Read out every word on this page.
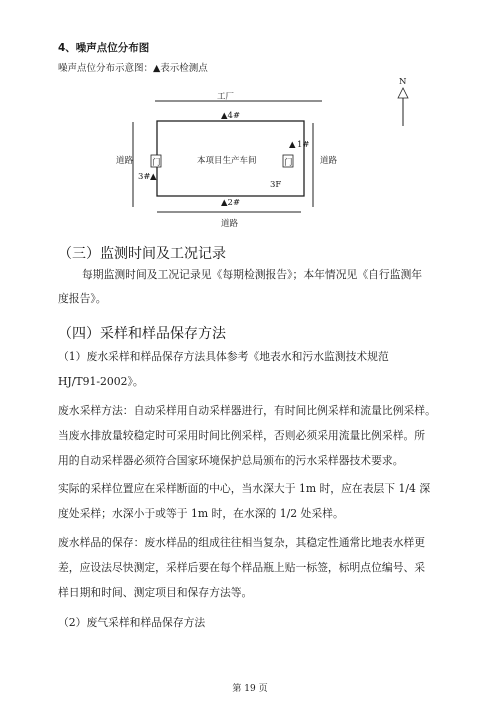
4、噪声点位分布图
噪声点位分布示意图：▲表示检测点
工厂
▲4#
本项目生产车间
道路	道路
门	门
▲ 1#
3# ▲
3F
▲2#
道路
N
（三）监测时间及工况记录
每期监测时间及工况记录见《每期检测报告》；本年情况见《自行监测年
度报告》。
（四）采样和样品保存方法
（1）废水采样和样品保存方法具体参考《地表水和污水监测技术规范
HJ/T91-2002》。
废水采样方法：自动采样用自动采样器进行，有时间比例采样和流量比例采样。
当废水排放量较稳定时可采用时间比例采样，否则必须采用流量比例采样。所
用的自动采样器必须符合国家环境保护总局颁布的污水采样器技术要求。
实际的采样位置应在采样断面的中心，当水深大于 1m 时，应在表层下 1/4 深
度处采样；水深小于或等于 1m 时，在水深的 1/2 处采样。
废水样品的保存：废水样品的组成往往相当复杂，其稳定性通常比地表水样更
差，应设法尽快测定，采样后要在每个样品瓶上贴一标签，标明点位编号、采
样日期和时间、测定项目和保存方法等。
（2）废气采样和样品保存方法
第 19 页
